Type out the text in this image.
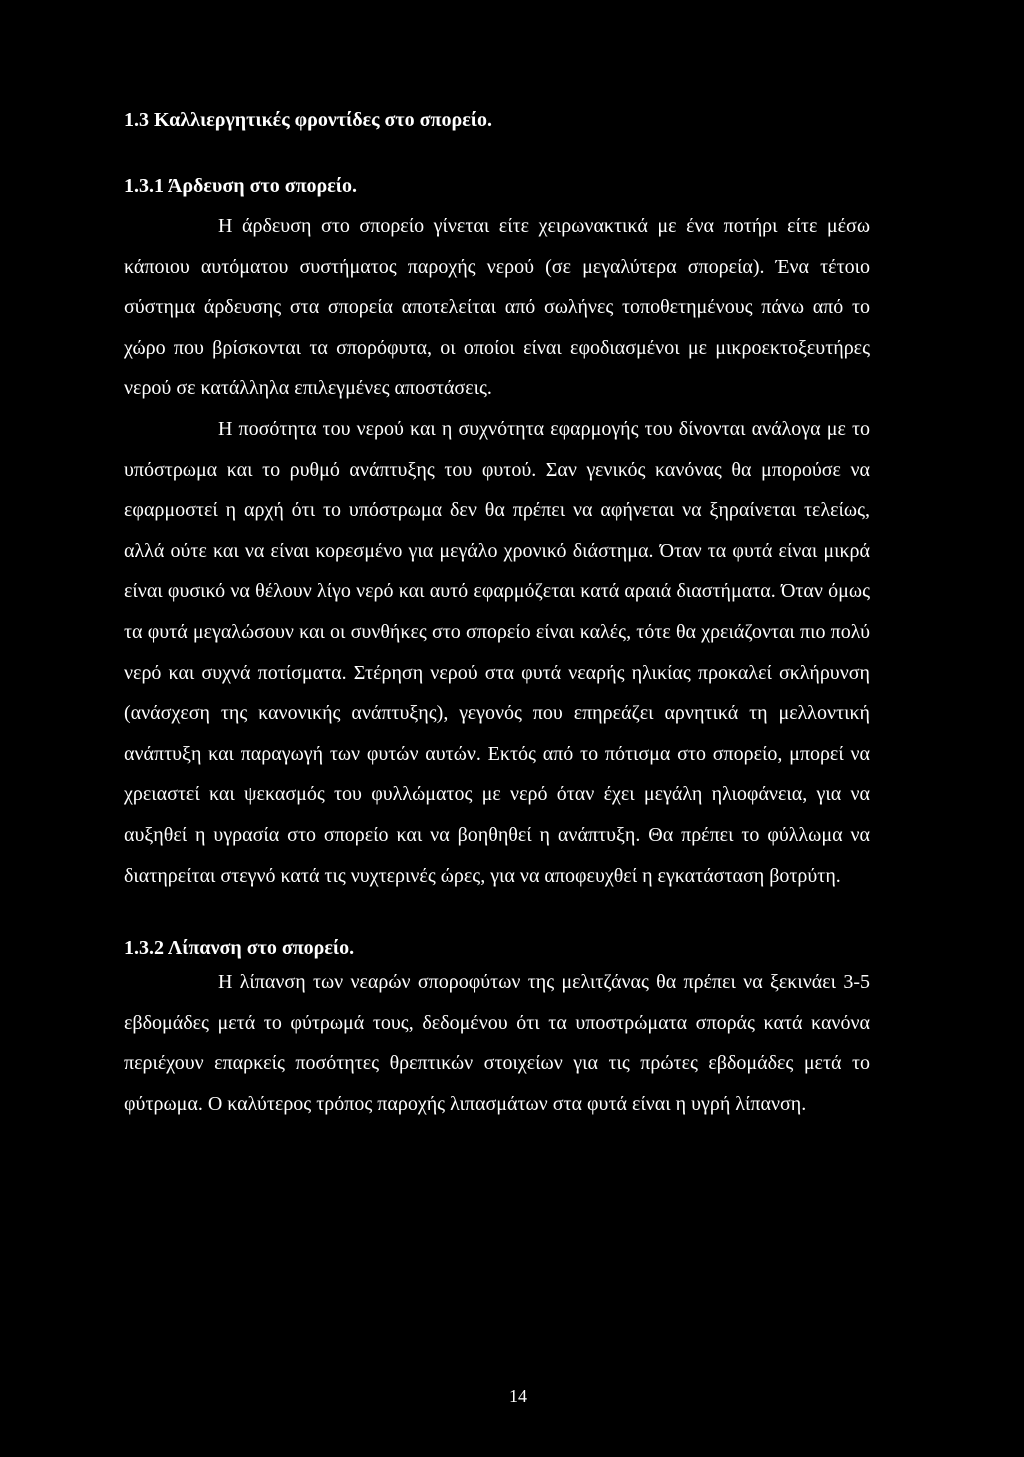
1.3 Καλλιεργητικές φροντίδες στο σπορείο.
1.3.1 Άρδευση στο σπορείο.

Η άρδευση στο σπορείο γίνεται είτε χειρωνακτικά με ένα ποτήρι είτε μέσω κάποιου αυτόματου συστήματος παροχής νερού (σε μεγαλύτερα σπορεία). Ένα τέτοιο σύστημα άρδευσης στα σπορεία αποτελείται από σωλήνες τοποθετημένους πάνω από το χώρο που βρίσκονται τα σπορόφυτα, οι οποίοι είναι εφοδιασμένοι με μικροεκτοξευτήρες νερού σε κατάλληλα επιλεγμένες αποστάσεις.

Η ποσότητα του νερού και η συχνότητα εφαρμογής του δίνονται ανάλογα με το υπόστρωμα και το ρυθμό ανάπτυξης του φυτού. Σαν γενικός κανόνας θα μπορούσε να εφαρμοστεί η αρχή ότι το υπόστρωμα δεν θα πρέπει να αφήνεται να ξηραίνεται τελείως, αλλά ούτε και να είναι κορεσμένο για μεγάλο χρονικό διάστημα. Όταν τα φυτά είναι μικρά είναι φυσικό να θέλουν λίγο νερό και αυτό εφαρμόζεται κατά αραιά διαστήματα. Όταν όμως τα φυτά μεγαλώσουν και οι συνθήκες στο σπορείο είναι καλές, τότε θα χρειάζονται πιο πολύ νερό και συχνά ποτίσματα. Στέρηση νερού στα φυτά νεαρής ηλικίας προκαλεί σκλήρυνση (ανάσχεση της κανονικής ανάπτυξης), γεγονός που επηρεάζει αρνητικά τη μελλοντική ανάπτυξη και παραγωγή των φυτών αυτών. Εκτός από το πότισμα στο σπορείο, μπορεί να χρειαστεί και ψεκασμός του φυλλώματος με νερό όταν έχει μεγάλη ηλιοφάνεια, για να αυξηθεί η υγρασία στο σπορείο και να βοηθηθεί η ανάπτυξη. Θα πρέπει το φύλλωμα να διατηρείται στεγνό κατά τις νυχτερινές ώρες, για να αποφευχθεί η εγκατάσταση βοτρύτη.

1.3.2 Λίπανση στο σπορείο.

Η λίπανση των νεαρών σποροφύτων της μελιτζάνας θα πρέπει να ξεκινάει 3-5 εβδομάδες μετά το φύτρωμά τους, δεδομένου ότι τα υποστρώματα σποράς κατά κανόνα περιέχουν επαρκείς ποσότητες θρεπτικών στοιχείων για τις πρώτες εβδομάδες μετά το φύτρωμα. Ο καλύτερος τρόπος παροχής λιπασμάτων στα φυτά είναι η υγρή λίπανση.

14
